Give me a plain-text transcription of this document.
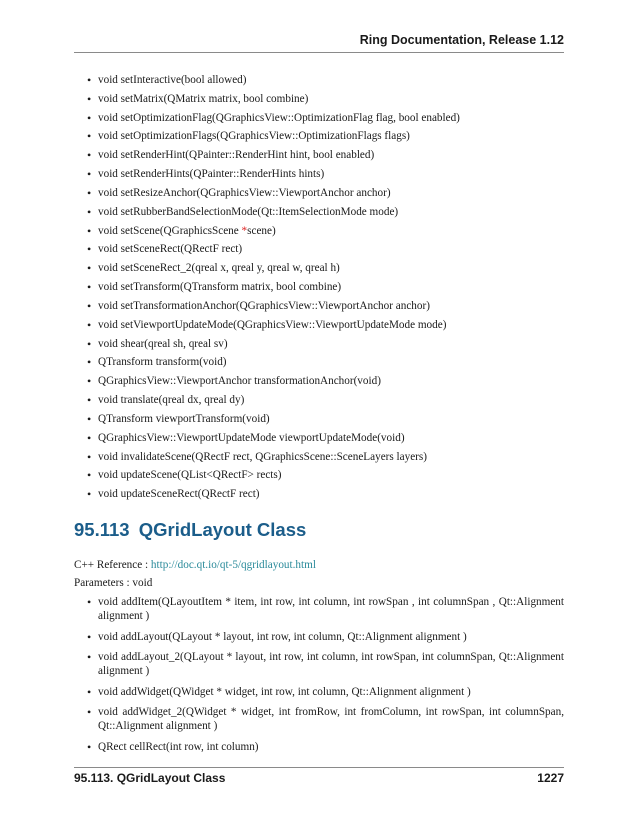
Ring Documentation, Release 1.12
• void setInteractive(bool allowed)
• void setMatrix(QMatrix matrix, bool combine)
• void setOptimizationFlag(QGraphicsView::OptimizationFlag flag, bool enabled)
• void setOptimizationFlags(QGraphicsView::OptimizationFlags flags)
• void setRenderHint(QPainter::RenderHint hint, bool enabled)
• void setRenderHints(QPainter::RenderHints hints)
• void setResizeAnchor(QGraphicsView::ViewportAnchor anchor)
• void setRubberBandSelectionMode(Qt::ItemSelectionMode mode)
• void setScene(QGraphicsScene *scene)
• void setSceneRect(QRectF rect)
• void setSceneRect_2(qreal x, qreal y, qreal w, qreal h)
• void setTransform(QTransform matrix, bool combine)
• void setTransformationAnchor(QGraphicsView::ViewportAnchor anchor)
• void setViewportUpdateMode(QGraphicsView::ViewportUpdateMode mode)
• void shear(qreal sh, qreal sv)
• QTransform transform(void)
• QGraphicsView::ViewportAnchor transformationAnchor(void)
• void translate(qreal dx, qreal dy)
• QTransform viewportTransform(void)
• QGraphicsView::ViewportUpdateMode viewportUpdateMode(void)
• void invalidateScene(QRectF rect, QGraphicsScene::SceneLayers layers)
• void updateScene(QList<QRectF> rects)
• void updateSceneRect(QRectF rect)
95.113 QGridLayout Class
C++ Reference : http://doc.qt.io/qt-5/qgridlayout.html
Parameters : void
• void addItem(QLayoutItem * item, int row, int column, int rowSpan , int columnSpan , Qt::Alignment alignment )
• void addLayout(QLayout * layout, int row, int column, Qt::Alignment alignment )
• void addLayout_2(QLayout * layout, int row, int column, int rowSpan, int columnSpan, Qt::Alignment alignment )
• void addWidget(QWidget * widget, int row, int column, Qt::Alignment alignment )
• void addWidget_2(QWidget * widget, int fromRow, int fromColumn, int rowSpan, int columnSpan, Qt::Alignment alignment )
• QRect cellRect(int row, int column)
95.113. QGridLayout Class	1227
